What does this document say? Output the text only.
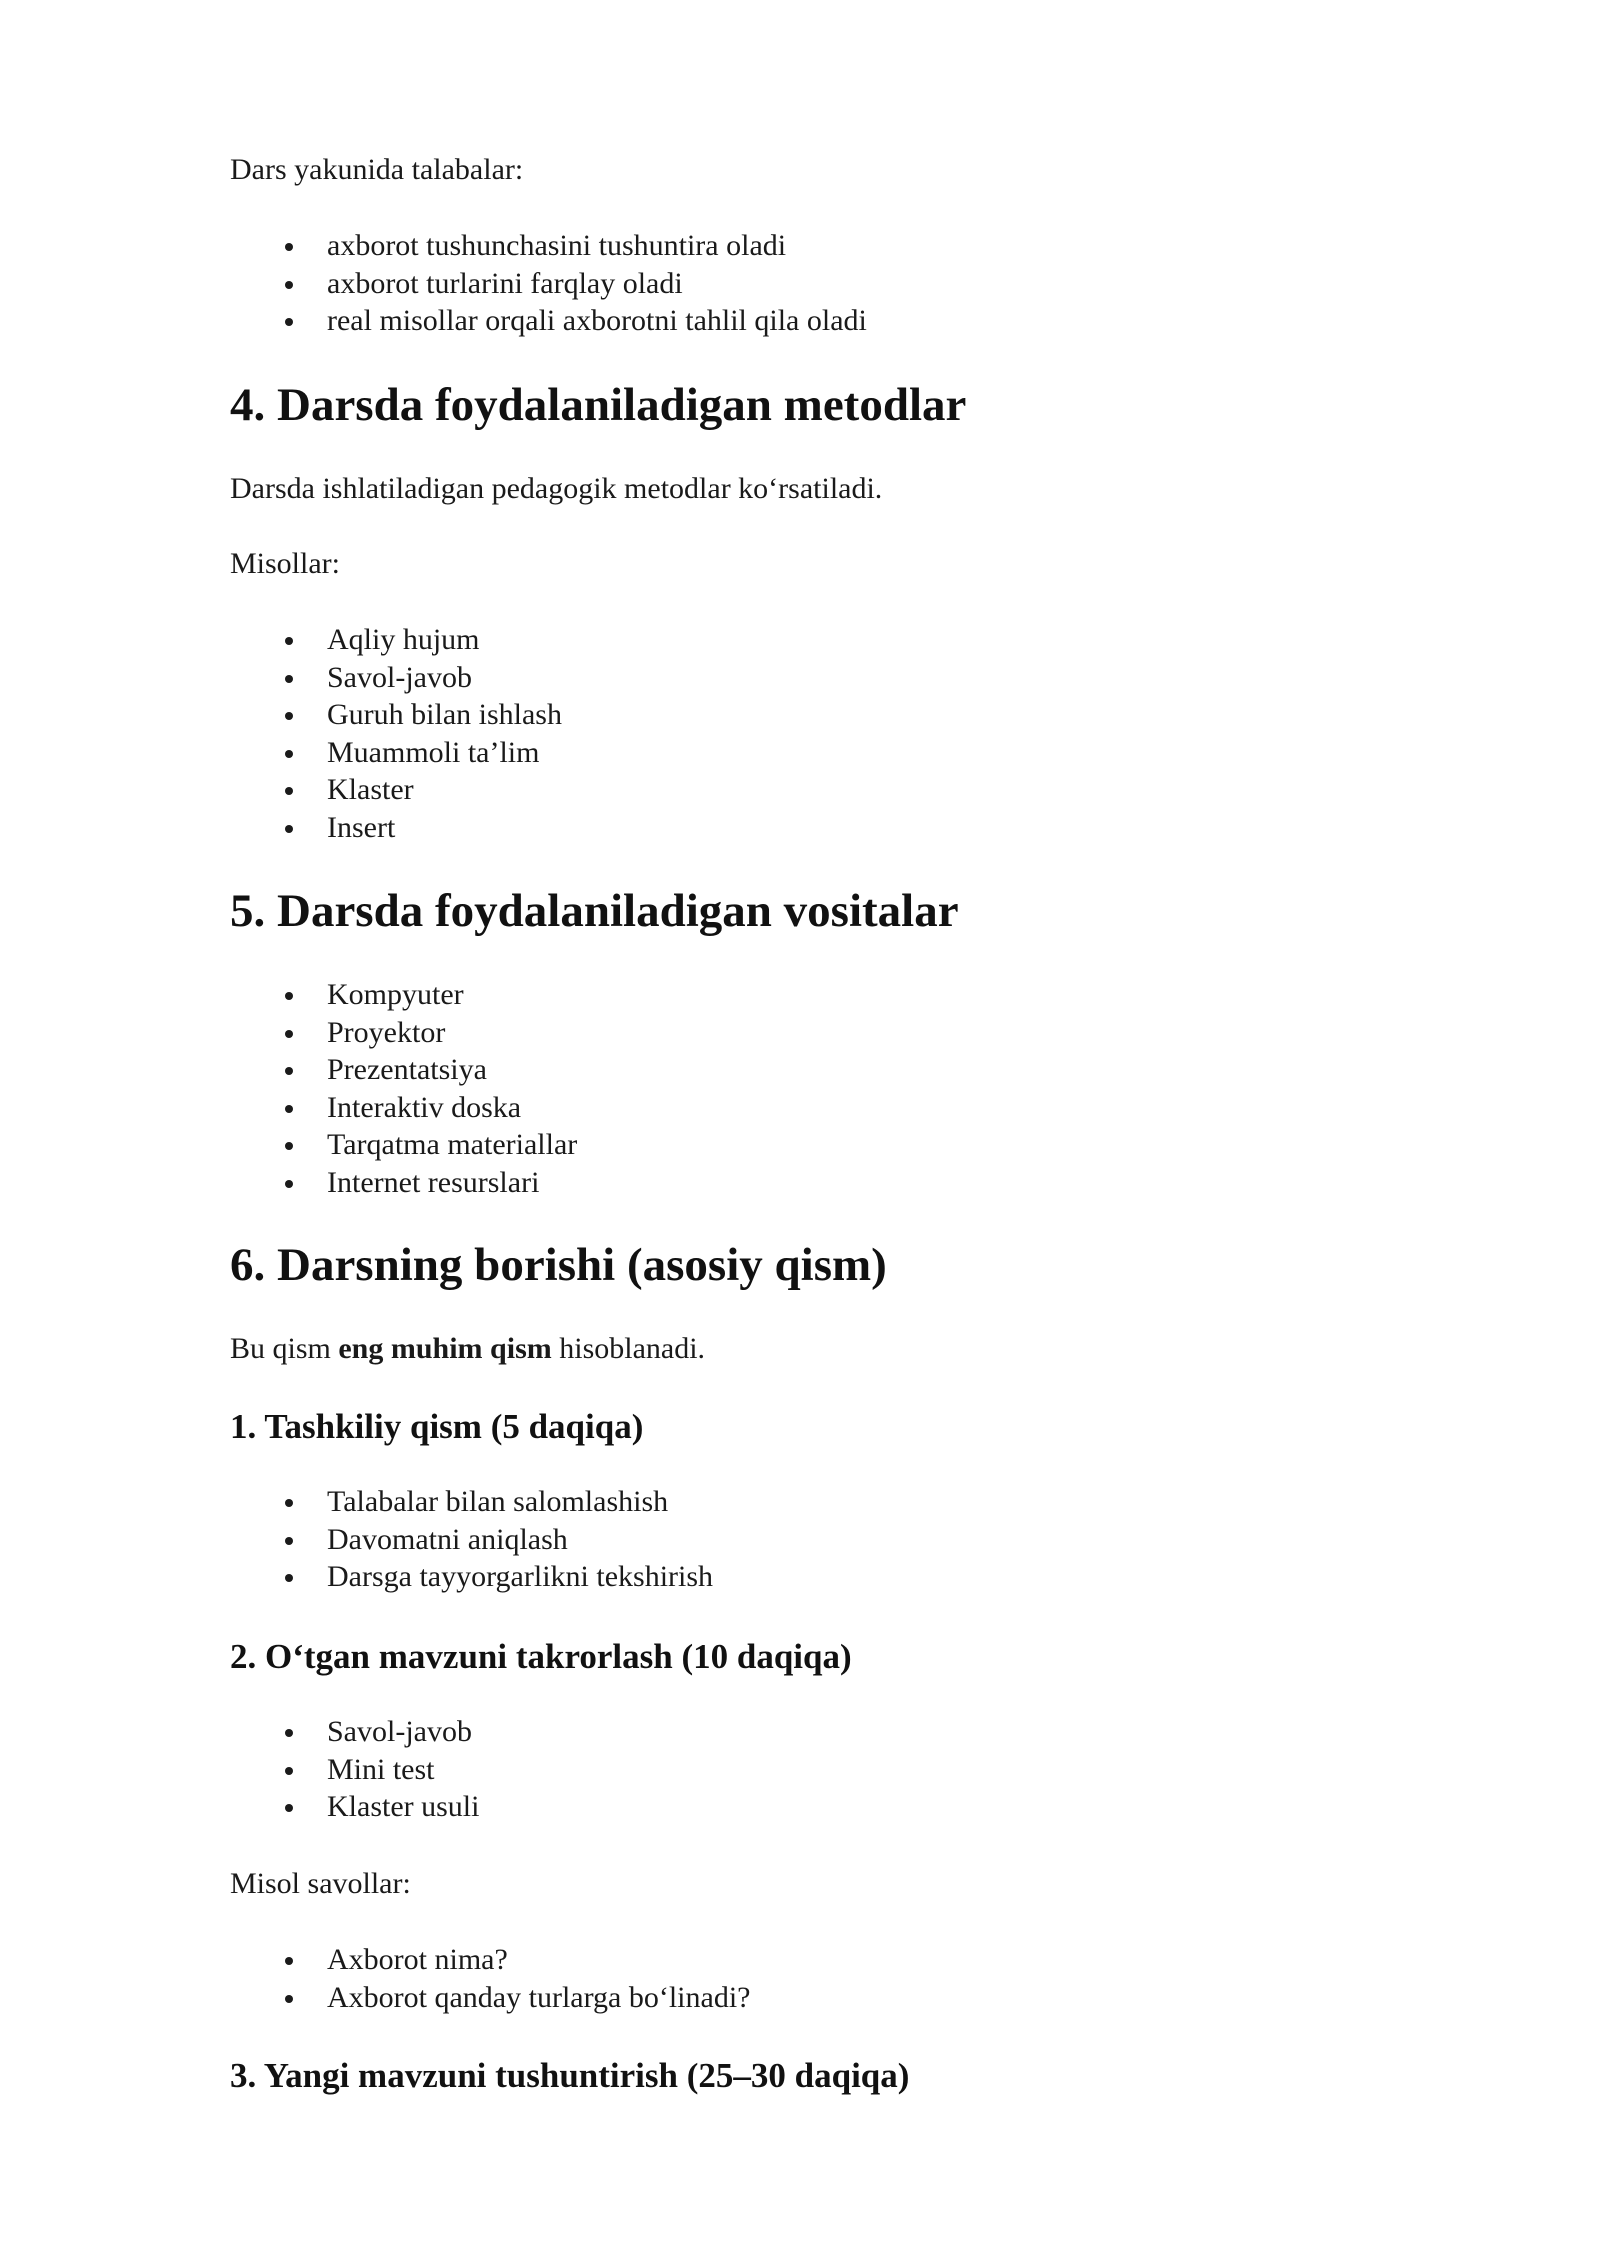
Dars yakunida talabalar:

axborot tushunchasini tushuntira oladi
axborot turlarini farqlay oladi
real misollar orqali axborotni tahlil qila oladi
4. Darsda foydalaniladigan metodlar

Darsda ishlatiladigan pedagogik metodlar ko‘rsatiladi.

Misollar:

Aqliy hujum
Savol-javob
Guruh bilan ishlash
Muammoli ta’lim
Klaster
Insert
5. Darsda foydalaniladigan vositalar
Kompyuter
Proyektor
Prezentatsiya
Interaktiv doska
Tarqatma materiallar
Internet resurslari
6. Darsning borishi (asosiy qism)

Bu qism eng muhim qism hisoblanadi.

1. Tashkiliy qism (5 daqiqa)
Talabalar bilan salomlashish
Davomatni aniqlash
Darsga tayyorgarlikni tekshirish
2. O‘tgan mavzuni takrorlash (10 daqiqa)
Savol-javob
Mini test
Klaster usuli

Misol savollar:

Axborot nima?
Axborot qanday turlarga bo‘linadi?
3. Yangi mavzuni tushuntirish (25–30 daqiqa)
